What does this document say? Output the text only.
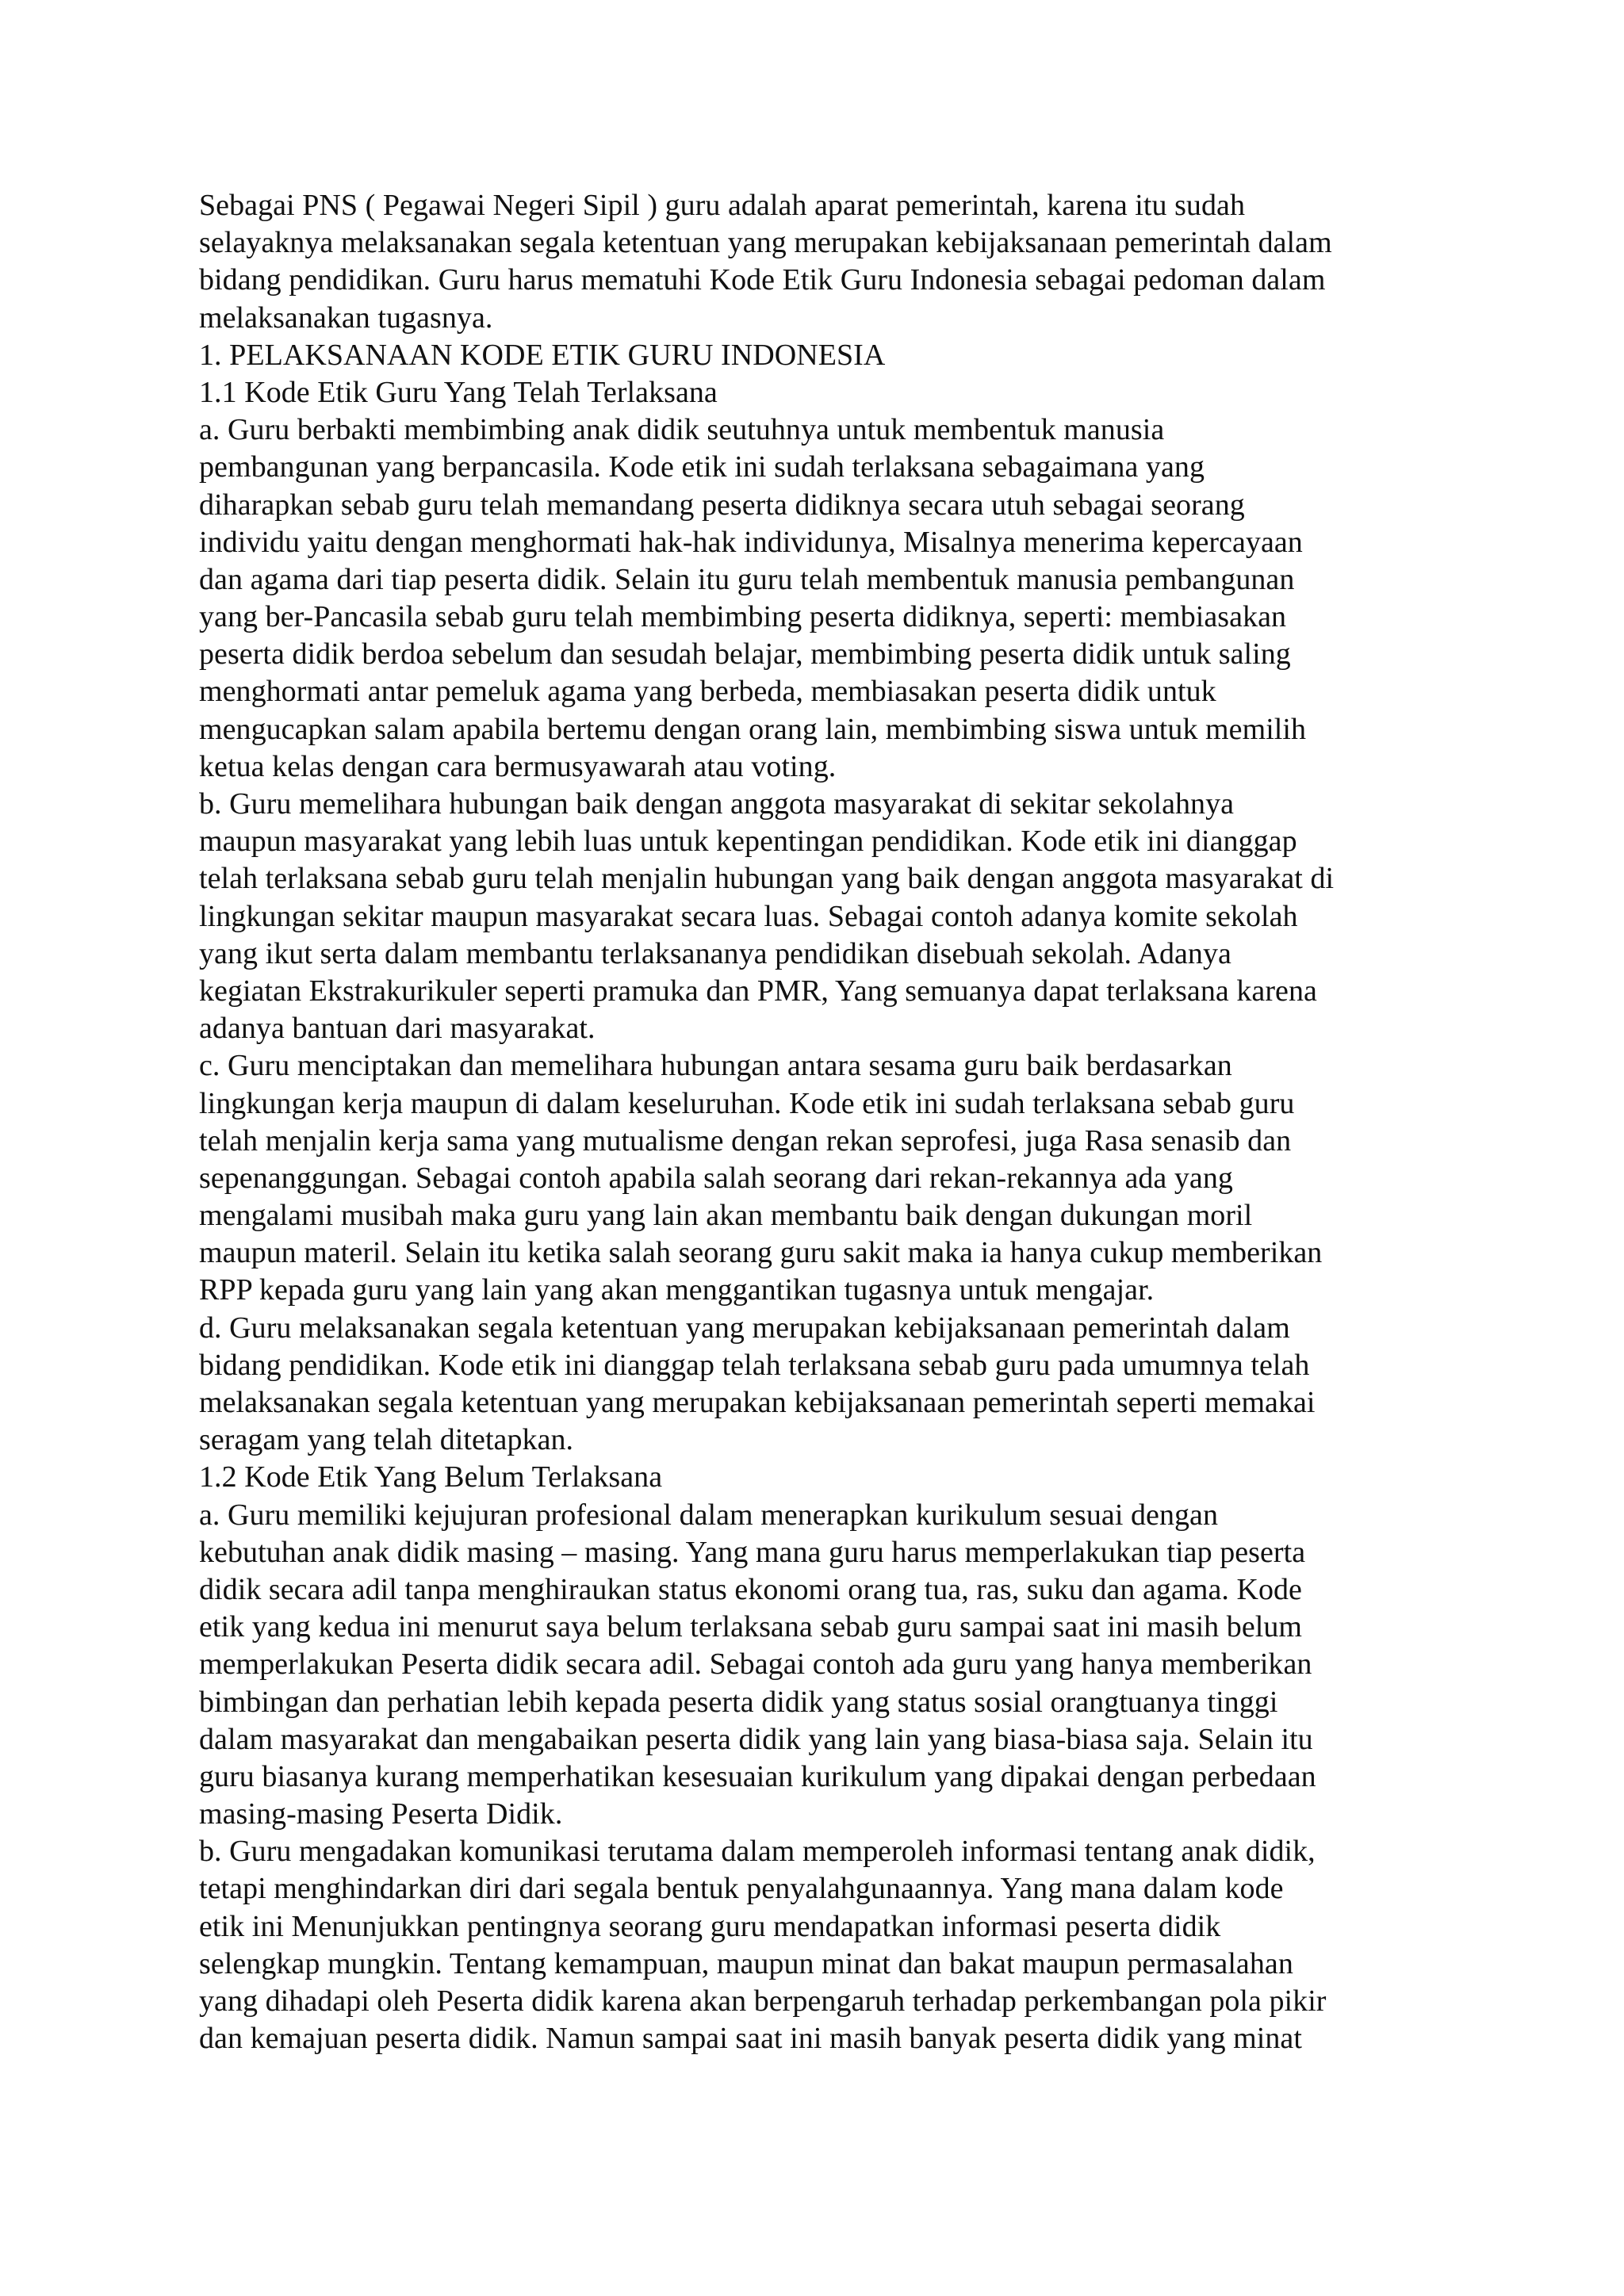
Sebagai PNS ( Pegawai Negeri Sipil ) guru adalah aparat pemerintah, karena itu sudah
selayaknya melaksanakan segala ketentuan yang merupakan kebijaksanaan pemerintah dalam
bidang pendidikan. Guru harus mematuhi Kode Etik Guru Indonesia sebagai pedoman dalam
melaksanakan tugasnya.
1. PELAKSANAAN KODE ETIK GURU INDONESIA
1.1 Kode Etik Guru Yang Telah Terlaksana
a. Guru berbakti membimbing anak didik seutuhnya untuk membentuk manusia
pembangunan yang berpancasila. Kode etik ini sudah terlaksana sebagaimana yang
diharapkan sebab guru telah memandang peserta didiknya secara utuh sebagai seorang
individu yaitu dengan menghormati hak-hak individunya, Misalnya menerima kepercayaan
dan agama dari tiap peserta didik. Selain itu guru telah membentuk manusia pembangunan
yang ber-Pancasila sebab guru telah membimbing peserta didiknya, seperti: membiasakan
peserta didik berdoa sebelum dan sesudah belajar, membimbing peserta didik untuk saling
menghormati antar pemeluk agama yang berbeda, membiasakan peserta didik untuk
mengucapkan salam apabila bertemu dengan orang lain, membimbing siswa untuk memilih
ketua kelas dengan cara bermusyawarah atau voting.
b. Guru memelihara hubungan baik dengan anggota masyarakat di sekitar sekolahnya
maupun masyarakat yang lebih luas untuk kepentingan pendidikan. Kode etik ini dianggap
telah terlaksana sebab guru telah menjalin hubungan yang baik dengan anggota masyarakat di
lingkungan sekitar maupun masyarakat secara luas. Sebagai contoh adanya komite sekolah
yang ikut serta dalam membantu terlaksananya pendidikan disebuah sekolah. Adanya
kegiatan Ekstrakurikuler seperti pramuka dan PMR, Yang semuanya dapat terlaksana karena
adanya bantuan dari masyarakat.
c. Guru menciptakan dan memelihara hubungan antara sesama guru baik berdasarkan
lingkungan kerja maupun di dalam keseluruhan. Kode etik ini sudah terlaksana sebab guru
telah menjalin kerja sama yang mutualisme dengan rekan seprofesi, juga Rasa senasib dan
sepenanggungan. Sebagai contoh apabila salah seorang dari rekan-rekannya ada yang
mengalami musibah maka guru yang lain akan membantu baik dengan dukungan moril
maupun materil. Selain itu ketika salah seorang guru sakit maka ia hanya cukup memberikan
RPP kepada guru yang lain yang akan menggantikan tugasnya untuk mengajar.
d. Guru melaksanakan segala ketentuan yang merupakan kebijaksanaan pemerintah dalam
bidang pendidikan. Kode etik ini dianggap telah terlaksana sebab guru pada umumnya telah
melaksanakan segala ketentuan yang merupakan kebijaksanaan pemerintah seperti memakai
seragam yang telah ditetapkan.
1.2 Kode Etik Yang Belum Terlaksana
a. Guru memiliki kejujuran profesional dalam menerapkan kurikulum sesuai dengan
kebutuhan anak didik masing – masing. Yang mana guru harus memperlakukan tiap peserta
didik secara adil tanpa menghiraukan status ekonomi orang tua, ras, suku dan agama. Kode
etik yang kedua ini menurut saya belum terlaksana sebab guru sampai saat ini masih belum
memperlakukan Peserta didik secara adil. Sebagai contoh ada guru yang hanya memberikan
bimbingan dan perhatian lebih kepada peserta didik yang status sosial orangtuanya tinggi
dalam masyarakat dan mengabaikan peserta didik yang lain yang biasa-biasa saja. Selain itu
guru biasanya kurang memperhatikan kesesuaian kurikulum yang dipakai dengan perbedaan
masing-masing Peserta Didik.
b. Guru mengadakan komunikasi terutama dalam memperoleh informasi tentang anak didik,
tetapi menghindarkan diri dari segala bentuk penyalahgunaannya. Yang mana dalam kode
etik ini Menunjukkan pentingnya seorang guru mendapatkan informasi peserta didik
selengkap mungkin. Tentang kemampuan, maupun minat dan bakat maupun permasalahan
yang dihadapi oleh Peserta didik karena akan berpengaruh terhadap perkembangan pola pikir
dan kemajuan peserta didik. Namun sampai saat ini masih banyak peserta didik yang minat
